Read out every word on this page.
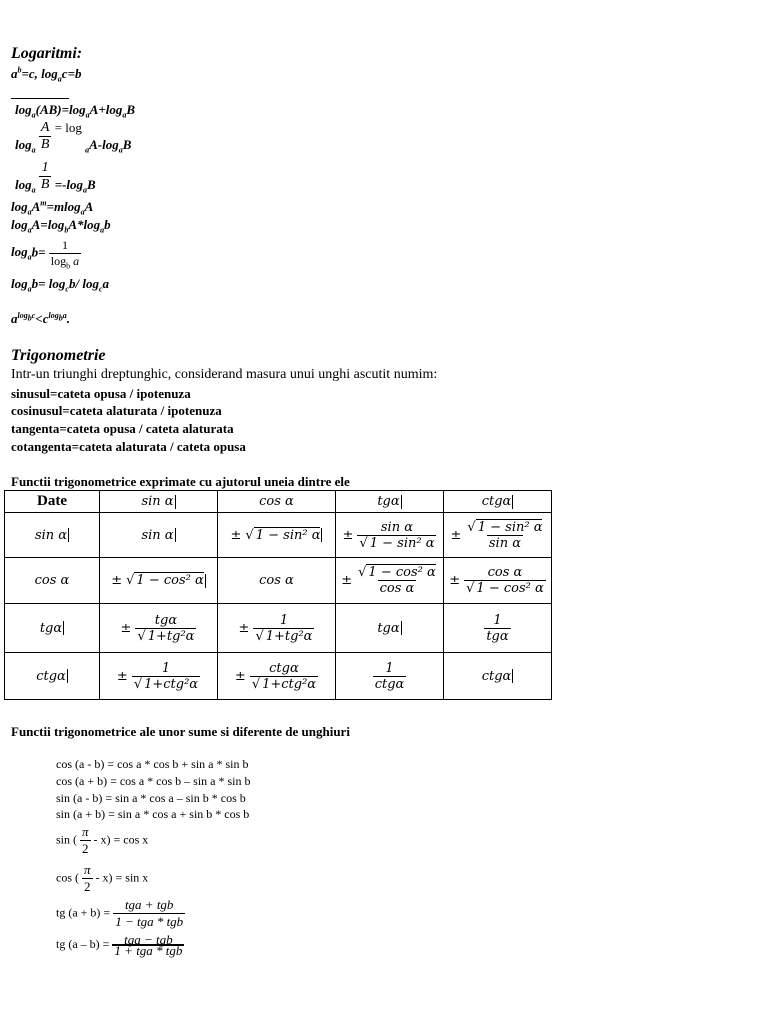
Logaritmi:
$a^b=c$, $\log_ac=b$
$\log_a(AB)=\log_aA+\log_aB$
$\log_a \frac{A}{B} = \log _aA-\log_aB$
$\log_a \frac{1}{B} =-\log_aB$
$\log_aA^m=mlog_aA$
$\log_aA=\log_bA*\log_ab$
$\log_ab= \frac{1}{\log_b a}$
$\log_ab= \log_cb/$ $\log_ca$
$a^{log_bc}<c^{log_ba}$.
Trigonometrie
Intr-un triunghi dreptunghic, considerand masura unui unghi ascutit numim:
sinusul=cateta opusa / ipotenuza
cosinusul=cateta alaturata / ipotenuza
tangenta=cateta opusa / cateta alaturata
cotangenta=cateta alaturata / cateta opusa
Functii trigonometrice exprimate cu ajutorul uneia dintre ele
Date	sin α	cos α	tgα	ctgα
sin α	sin α	± √ 1 − sin² α	± $\frac{\text{sin α}}{\text{√ 1 − sin² α}}$	± $\frac{\text{√ 1 − sin² α}}{\text{sin α}}$

cos α	± √ 1 − cos² α	cos α	± $\frac{\text{√ 1 − cos² α}}{\text{cos α}}$	± $\frac{\text{cos α}}{\text{√ 1 − cos² α}}$

tgα	± $\frac{\text{tgα}}{\text{√ 1+tg²α}}$	± $\frac{1}{\text{√ 1+tg²α}}$	tgα	$\frac{1}{\text{tgα}}$

ctgα	± $\frac{1}{\text{√ 1+ctg²α}}$	± $\frac{\text{ctgα}}{\text{√ 1+ctg²α}}$	$\frac{1}{\text{ctgα}}$	ctgα
Functii trigonometrice ale unor sume si diferente de unghiuri
cos (a - b) = cos a * cos b + sin a * sin b
cos (a + b) = cos a * cos b – sin a * sin b
sin (a - b) = sin a * cos a – sin b * cos b
sin (a + b) = sin a * cos a + sin b * cos b
sin ( $\frac{\pi}{2} - x) = \cos x$
cos ( $\frac{\pi}{2} - x) = \sin x$
tg $(a + b) = \frac{\text{tga + tgb}}{\text{1 − tga * tgb}}$
tg $(a - b) = \frac{\text{tga − tgb}}{\text{1 + tga * tgb}}$
